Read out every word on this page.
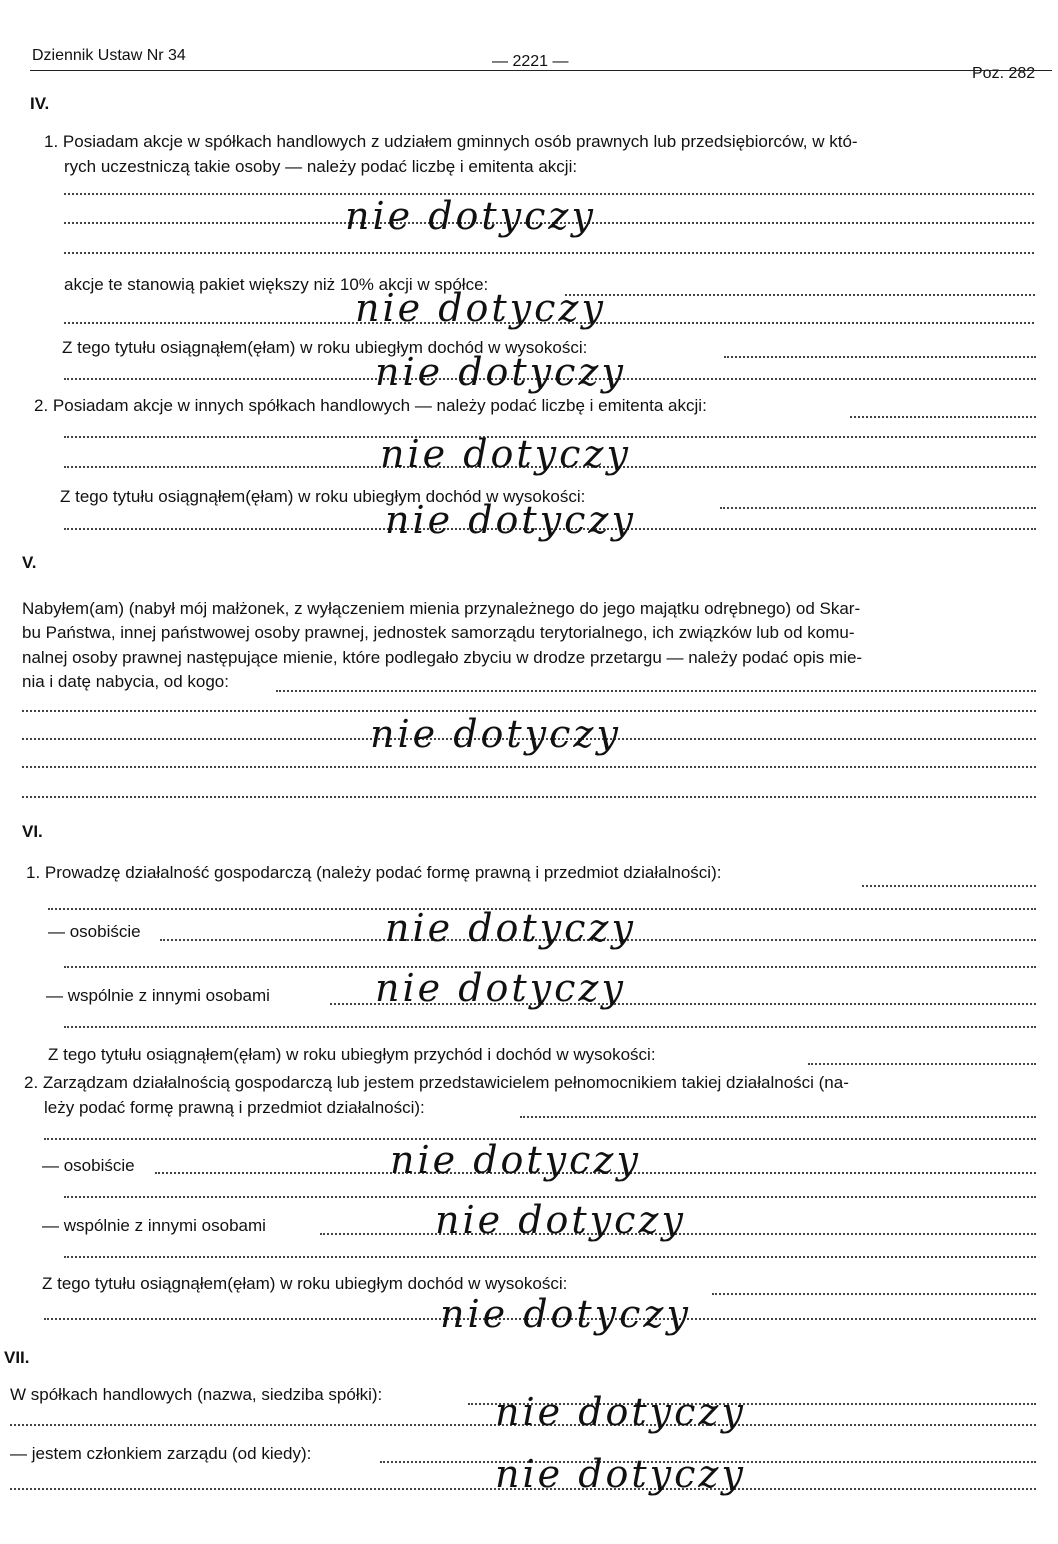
Dziennik Ustaw Nr 34	— 2221 —
Poz. 282
IV.
1. Posiadam akcje w spółkach handlowych z udziałem gminnych osób prawnych lub przedsiębiorców, w któ-
rych uczestniczą takie osoby — należy podać liczbę i emitenta akcji:
nie dotyczy
akcje te stanowią pakiet większy niż 10% akcji w spółce:
nie dotyczy
Z tego tytułu osiągnąłem(ęłam) w roku ubiegłym dochód w wysokości:
nie dotyczy
2. Posiadam akcje w innych spółkach handlowych — należy podać liczbę i emitenta akcji:
nie dotyczy
Z tego tytułu osiągnąłem(ęłam) w roku ubiegłym dochód w wysokości:
nie dotyczy
V.
Nabyłem(am) (nabył mój małżonek, z wyłączeniem mienia przynależnego do jego majątku odrębnego) od Skar-
bu Państwa, innej państwowej osoby prawnej, jednostek samorządu terytorialnego, ich związków lub od komu-
nalnej osoby prawnej następujące mienie, które podlegało zbyciu w drodze przetargu — należy podać opis mie-
nia i datę nabycia, od kogo:
nie dotyczy
VI.
1. Prowadzę działalność gospodarczą (należy podać formę prawną i przedmiot działalności):
— osobiście	nie dotyczy
— wspólnie z innymi osobami	nie dotyczy
Z tego tytułu osiągnąłem(ęłam) w roku ubiegłym przychód i dochód w wysokości:
2. Zarządzam działalnością gospodarczą lub jestem przedstawicielem pełnomocnikiem takiej działalności (na-
leży podać formę prawną i przedmiot działalności):
— osobiście	nie dotyczy
— wspólnie z innymi osobami	nie dotyczy
Z tego tytułu osiągnąłem(ęłam) w roku ubiegłym dochód w wysokości:
nie dotyczy
VII.
W spółkach handlowych (nazwa, siedziba spółki):	nie dotyczy
— jestem członkiem zarządu (od kiedy):	nie dotyczy
